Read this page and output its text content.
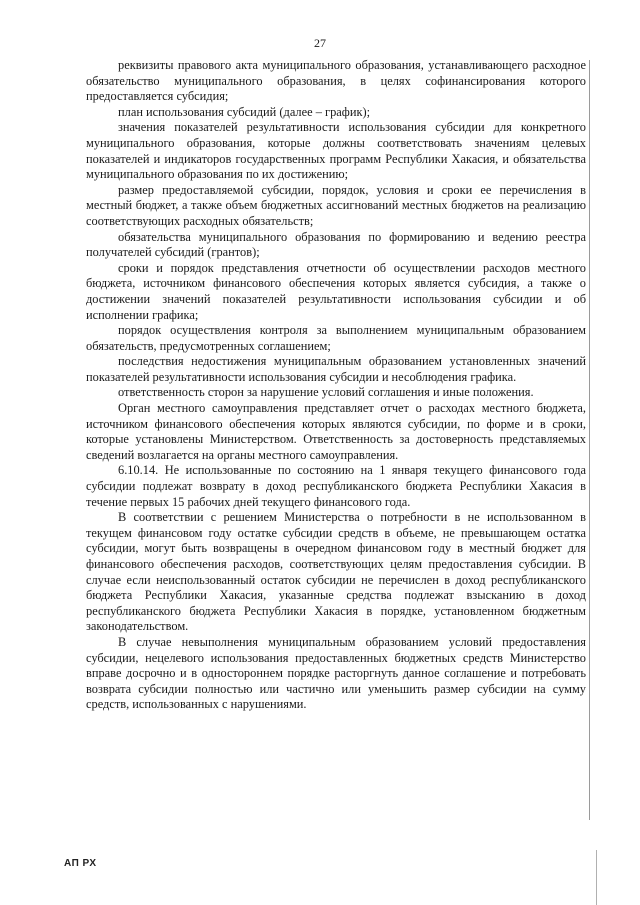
27

реквизиты правового акта муниципального образования, устанавливающего расходное обязательство муниципального образования, в целях софинансирования которого предоставляется субсидия;

план использования субсидий (далее – график);

значения показателей результативности использования субсидии для конкретного муниципального образования, которые должны соответствовать значениям целевых показателей и индикаторов государственных программ Республики Хакасия, и обязательства муниципального образования по их достижению;

размер предоставляемой субсидии, порядок, условия и сроки ее перечисления в местный бюджет, а также объем бюджетных ассигнований местных бюджетов на реализацию соответствующих расходных обязательств;

обязательства муниципального образования по формированию и ведению реестра получателей субсидий (грантов);

сроки и порядок представления отчетности об осуществлении расходов местного бюджета, источником финансового обеспечения которых является субсидия, а также о достижении значений показателей результативности использования субсидии и об исполнении графика;

порядок осуществления контроля за выполнением муниципальным образованием обязательств, предусмотренных соглашением;

последствия недостижения муниципальным образованием установленных значений показателей результативности использования субсидии и несоблюдения графика.

ответственность сторон за нарушение условий соглашения и иные положения.

Орган местного самоуправления представляет отчет о расходах местного бюджета, источником финансового обеспечения которых являются субсидии, по форме и в сроки, которые установлены Министерством. Ответственность за достоверность представляемых сведений возлагается на органы местного самоуправления.

6.10.14. Не использованные по состоянию на 1 января текущего финансового года субсидии подлежат возврату в доход республиканского бюджета Республики Хакасия в течение первых 15 рабочих дней текущего финансового года.

В соответствии с решением Министерства о потребности в не использованном в текущем финансовом году остатке субсидии средств в объеме, не превышающем остатка субсидии, могут быть возвращены в очередном финансовом году в местный бюджет для финансового обеспечения расходов, соответствующих целям предоставления субсидии. В случае если неиспользованный остаток субсидии не перечислен в доход республиканского бюджета Республики Хакасия, указанные средства подлежат взысканию в доход республиканского бюджета Республики Хакасия в порядке, установленном бюджетным законодательством.

В случае невыполнения муниципальным образованием условий предоставления субсидии, нецелевого использования предоставленных бюджетных средств Министерство вправе досрочно и в одностороннем порядке расторгнуть данное соглашение и потребовать возврата субсидии полностью или частично или уменьшить размер субсидии на сумму средств, использованных с нарушениями.

АП РХ
